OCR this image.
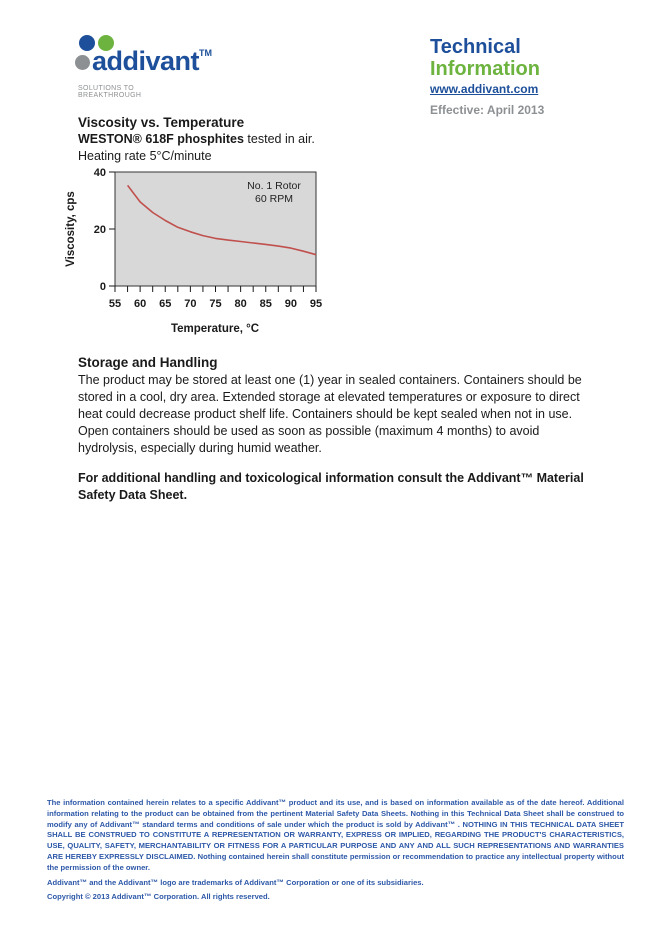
addivant™
SOLUTIONS TO BREAKTHROUGH
Technical Information
www.addivant.com
Effective: April 2013
Viscosity vs. Temperature
WESTON® 618F phosphites tested in air.
Heating rate 5°C/minute
0
20
40
55 60 65 70 75 80 85 90 95
No. 1 Rotor
60 RPM
Viscosity, cps
Temperature, °C
Storage and Handling
The product may be stored at least one (1) year in sealed containers. Containers should be stored in a cool, dry area. Extended storage at elevated temperatures or exposure to direct heat could decrease product shelf life. Containers should be kept sealed when not in use. Open containers should be used as soon as possible (maximum 4 months) to avoid hydrolysis, especially during humid weather.
For additional handling and toxicological information consult the Addivant™ Material Safety Data Sheet.
The information contained herein relates to a specific Addivant™ product and its use, and is based on information available as of the date hereof. Additional information relating to the product can be obtained from the pertinent Material Safety Data Sheets. Nothing in this Technical Data Sheet shall be construed to modify any of Addivant™ standard terms and conditions of sale under which the product is sold by Addivant™ . NOTHING IN THIS TECHNICAL DATA SHEET SHALL BE CONSTRUED TO CONSTITUTE A REPRESENTATION OR WARRANTY, EXPRESS OR IMPLIED, REGARDING THE PRODUCT'S CHARACTERISTICS, USE, QUALITY, SAFETY, MERCHANTABILITY OR FITNESS FOR A PARTICULAR PURPOSE AND ANY AND ALL SUCH REPRESENTATIONS AND WARRANTIES ARE HEREBY EXPRESSLY DISCLAIMED. Nothing contained herein shall constitute permission or recommendation to practice any intellectual property without the permission of the owner.
Addivant™ and the Addivant™ logo are trademarks of Addivant™ Corporation or one of its subsidiaries.
Copyright © 2013 Addivant™ Corporation. All rights reserved.
